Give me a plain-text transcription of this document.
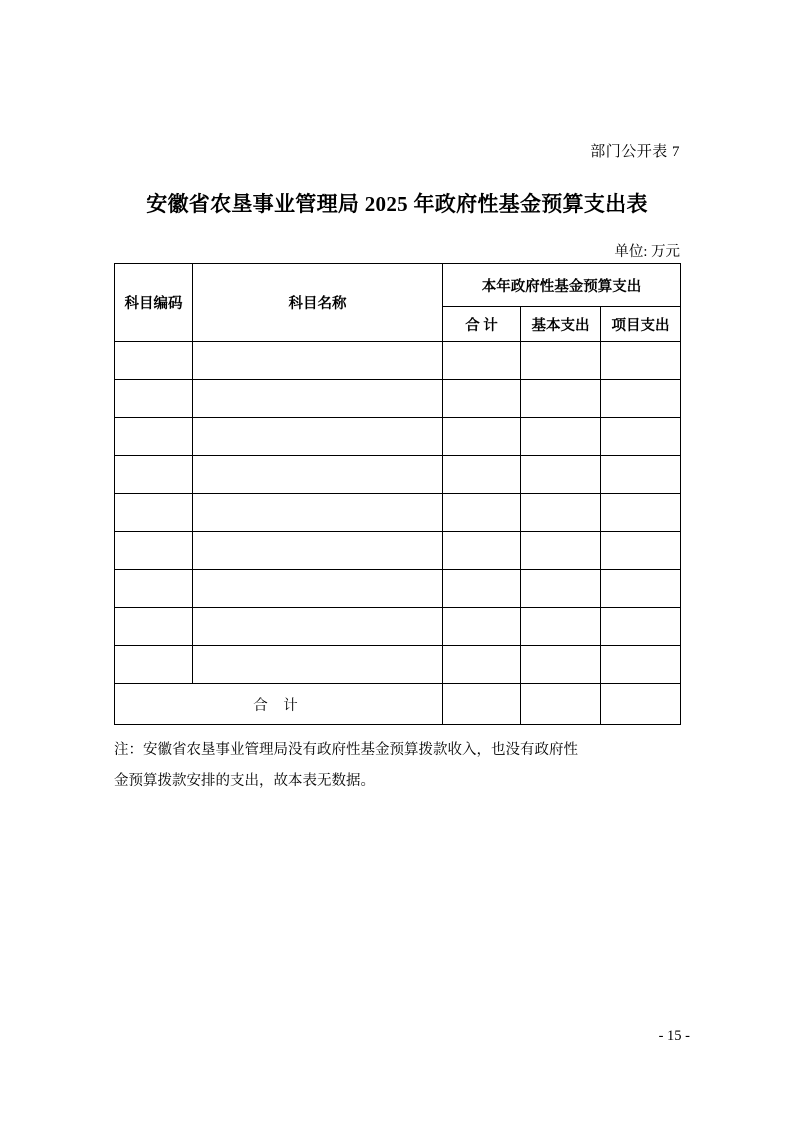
部门公开表 7
安徽省农垦事业管理局 2025 年政府性基金预算支出表
单位: 万元
科目编码	科目名称	本年政府性基金预算支出		
		合 计	基本支出	项目支出

合 计				
注：安徽省农垦事业管理局没有政府性基金预算拨款收入，也没有政府性
金预算拨款安排的支出，故本表无数据。
- 15 -
